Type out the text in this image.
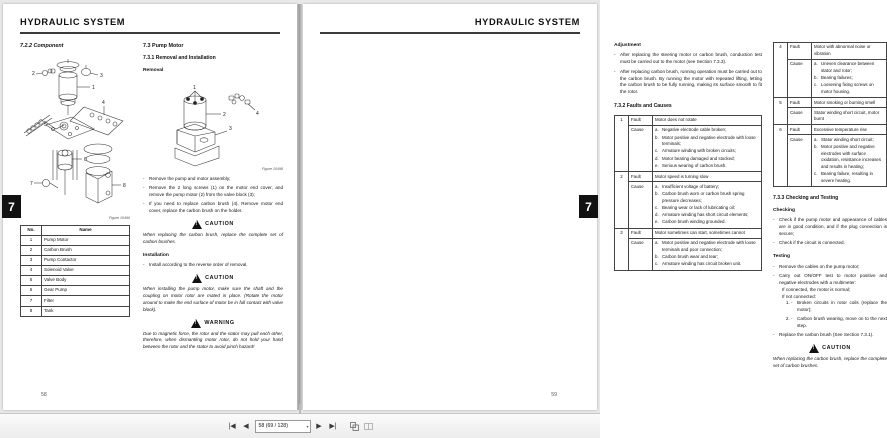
HYDRAULIC SYSTEM
7
7.2.2 Component
1
2	3
4
5
6
7	8
Figure 10496
No.	Name
1	Pump Motor
2	Carbon Brush
3	Pump Contactor
4	Solenoid Valve
5	Valve Body
6	Gear Pump
7	Filter
8	Tank
7.3 Pump Motor
7.3.1 Removal and Installation
Removal
1
2
3
4
Figure 10498
- Remove the pump and motor assembly;
- Remove the 2 long screws (1) on the motor end cover, and remove the pump motor (2) from the valve block (3);
- If you need to replace carbon brush (4), Remove motor end cover, replace the carbon brush on the holder.
!
CAUTION

When replacing the carbon brush, replace the complete set of carbon brushes.

Installation
- Install according to the reverse order of removal.
!
CAUTION

When installing the pump motor, make sure the shaft and the coupling on motor rotor are mated in place. (Rotate the motor around to make the end surface of motor be in full contact with valve block).

!
WARNING

Due to magnetic force, the rotor and the stator may pull each other, therefore, when dismantling motor rotor, do not hold your hand between the rotor and the stator to avoid pinch hazard!

58
HYDRAULIC SYSTEM
7
Adjustment
- After replacing the steering motor or carbon brush, conduction test must be carried out to the motor (see Section 7.3.3).
- After replacing carbon brush, running operation must be carried out to the carbon brush. By running the motor with repeated lifting, letting the carbon brush to be fully running, making its surface smooth to fit the rotor.
7.3.2 Faults and Causes
1	Fault	Motor does not rotate
Cause	a. Negative electrode cable broken;
b. Motor positive and negative electrode with loose terminals;
c. Armature winding with broken circuits;
d. Motor bearing damaged and stocked;
e. Serious wearing of carbon brush.

2	Fault	Motor speed is turning slow
Cause	a. Insufficient voltage of battery;
b. Carbon brush worn or carbon brush spring pressure decreases;
c. Bearing wear or lack of lubricating oil;
d. Armature winding has short circuit elements;
e. Carbon brush winding grounded.

3	Fault	Motor sometimes can start, sometimes cannot
Cause	a. Motor positive and negative electrode with loose terminals and poor connection;
b. Carbon brush wear and tear;
c. Armature winding has circuit broken unit.
4	Fault	Motor with abnormal noise or vibration
Cause	a. Uneven clearance between stator and rotor;
b. Bearing failures;
c. Loosening fixing screws on motor housing.

5	Fault	Motor smoking or burning smell
	Cause	Stator winding short circuit, motor burnt
6	Fault	Excessive temperature rise
Cause	a. Stator winding short circuit;
b. Motor positive and negative electrodes with surface oxidation, resistance increases and results in heating;
c. Bearing failure, resulting in severe heating.
7.3.3 Checking and Testing
Checking
- Check if the pump motor and appearance of cables are in good condition, and if the plug connection is secure;
- Check if the circuit is connected.
Testing
- Remove the cables on the pump motor;
- Carry out ON/OFF test to motor positive and negative electrodes with a multimeter:
If connected, the motor is normal;
If not connected:
- 1. Broken circuits in rotor coils (replace the motor);
- 2. Carbon brush wearing, move on to the next step.
- Replace the carbon brush (See Section 7.3.1).
!
CAUTION

When replacing the carbon brush, replace the complete set of carbon brushes.

59
|◀	◀	58 (69 / 128)	▾	▶	▶|
